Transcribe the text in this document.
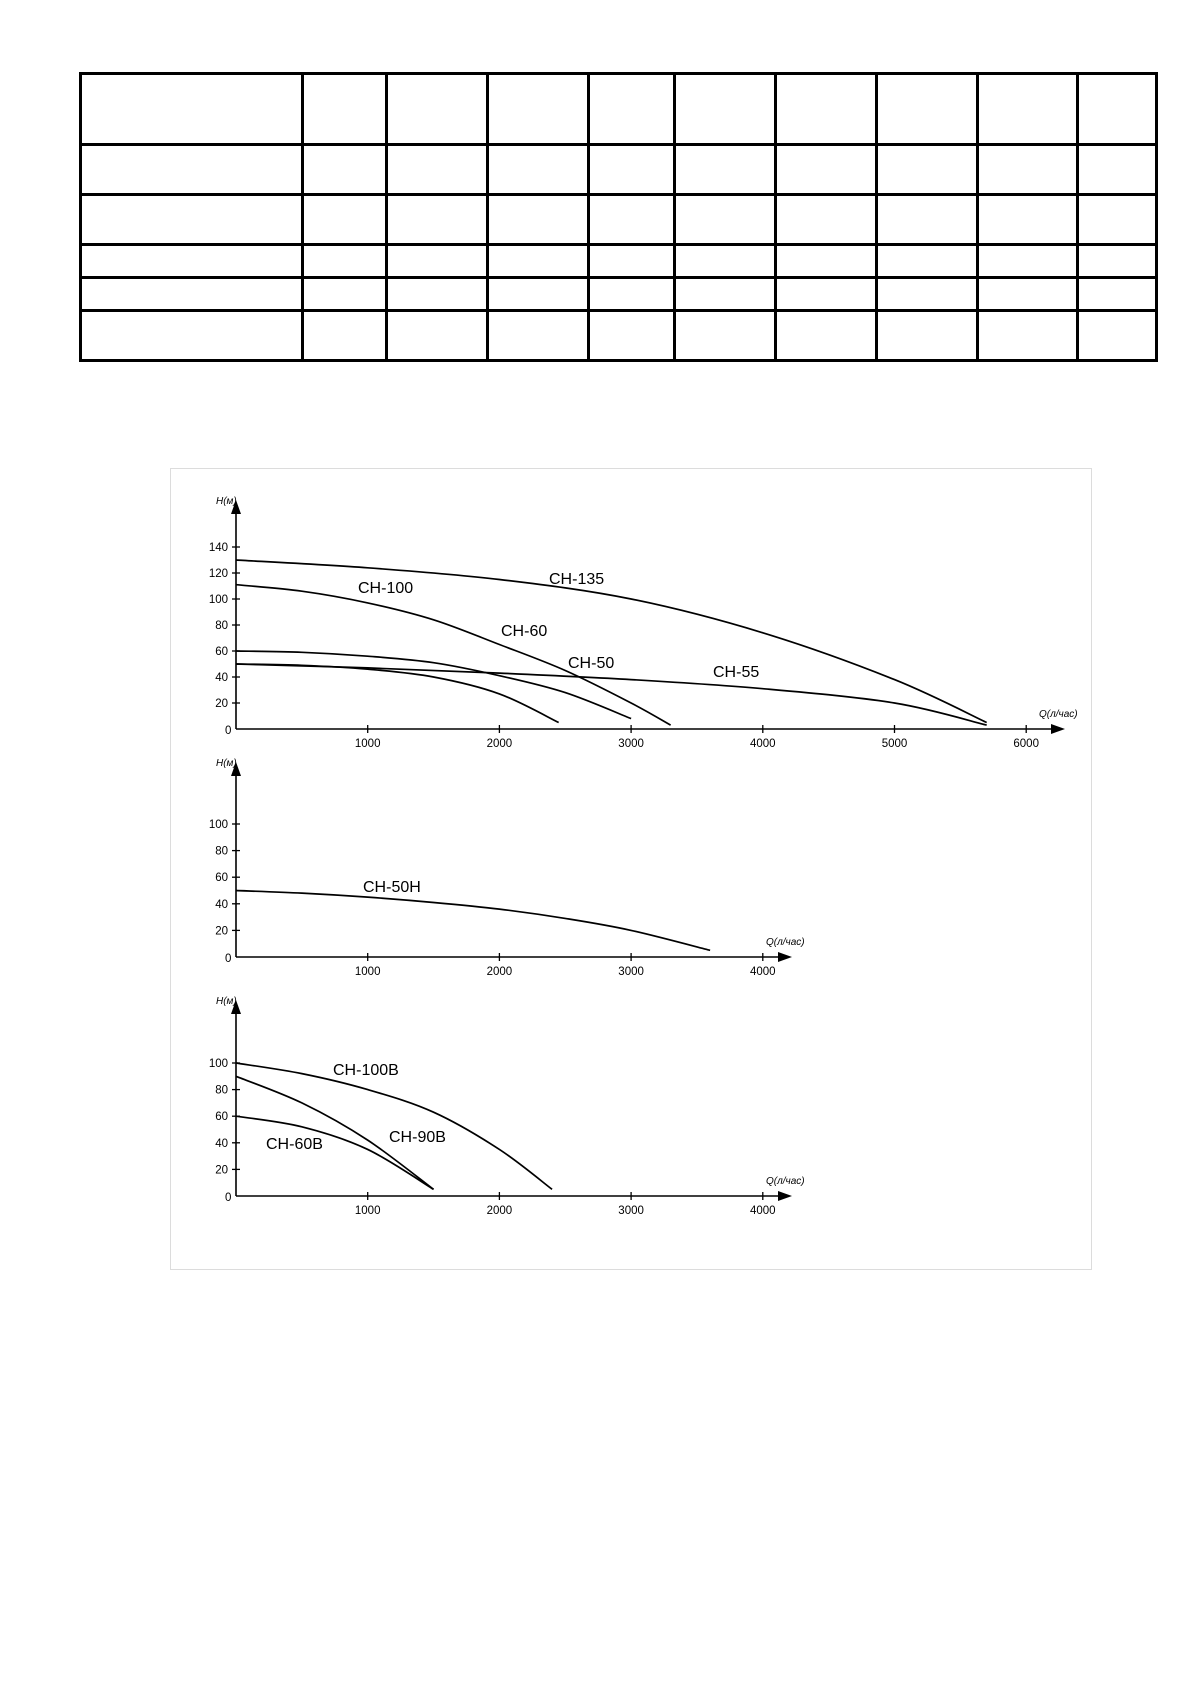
Н(м)
Q(л/час)
0
1000	2000	3000	4000	5000	6000
20
40
60
80
100
120
140
CH-135
CH-100
CH-60
CH-50
CH-55
Н(м)
Q(л/час)
0
1000	2000	3000	4000
20
40
60
80
100
CH-50H
Н(м)
Q(л/час)
0
1000	2000	3000	4000
20
40
60
80
100	CH-100B
CH-90B
CH-60B
